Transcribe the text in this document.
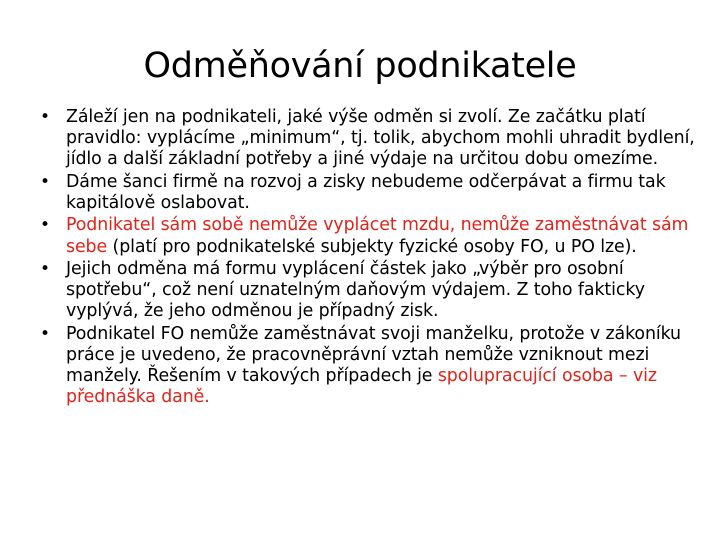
Odměňování podnikatele
• Záleží jen na podnikateli, jaké výše odměn si zvolí. Ze začátku platí pravidlo: vyplácíme „minimum“, tj. tolik, abychom mohli uhradit bydlení, jídlo a další základní potřeby a jiné výdaje na určitou dobu omezíme.
• Dáme šanci firmě na rozvoj a zisky nebudeme odčerpávat a firmu tak kapitálově oslabovat.
• Podnikatel sám sobě nemůže vyplácet mzdu, nemůže zaměstnávat sám sebe (platí pro podnikatelské subjekty fyzické osoby FO, u PO lze).
• Jejich odměna má formu vyplácení částek jako „výběr pro osobní spotřebu“, což není uznatelným daňovým výdajem. Z toho fakticky vyplývá, že jeho odměnou je případný zisk.
• Podnikatel FO nemůže zaměstnávat svoji manželku, protože v zákoníku práce je uvedeno, že pracovněprávní vztah nemůže vzniknout mezi manžely. Řešením v takových případech je spolupracující osoba – viz přednáška daně.
